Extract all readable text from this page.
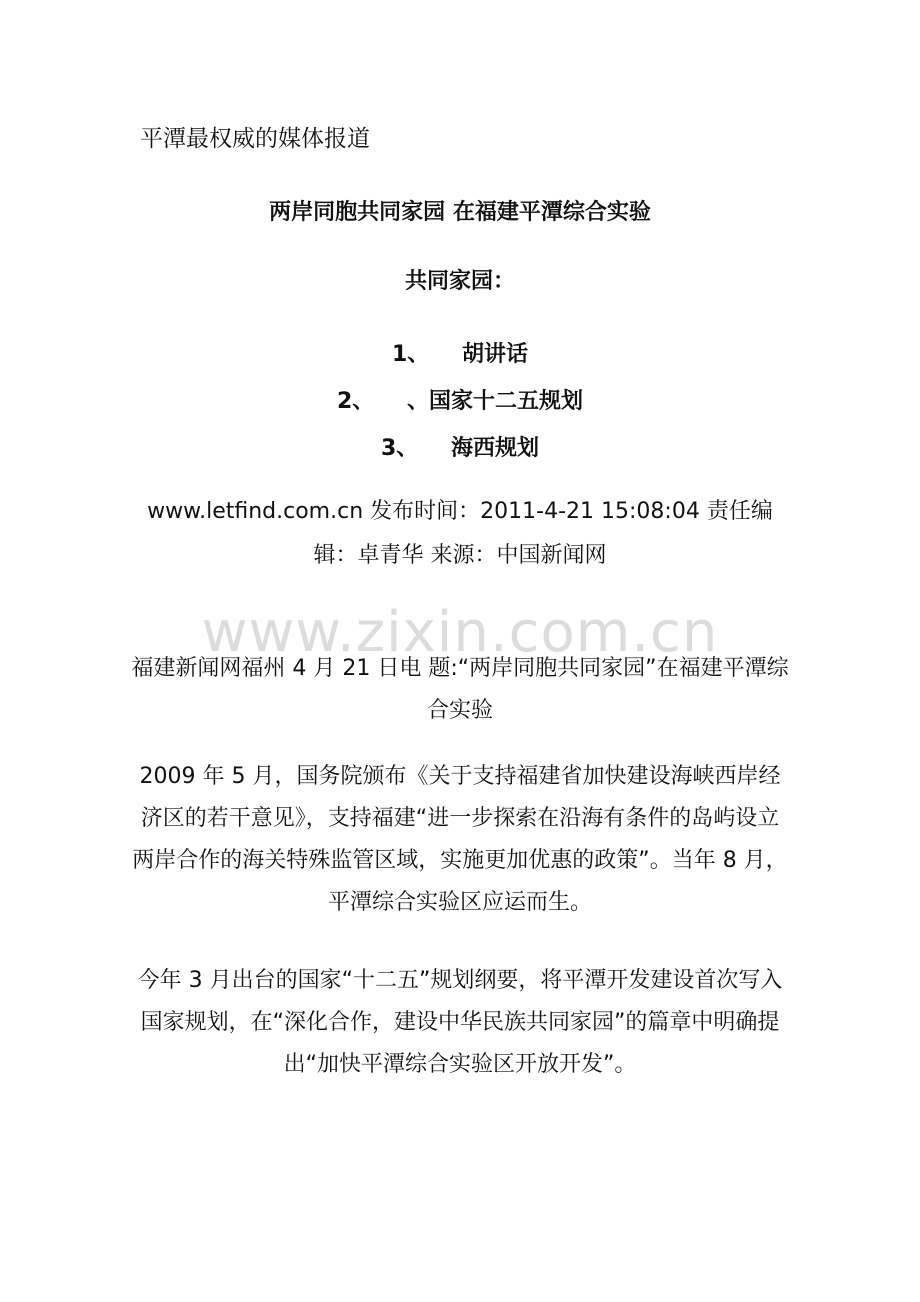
平潭最权威的媒体报道
两岸同胞共同家园 在福建平潭综合实验
共同家园：
1、 胡讲话
2、 、国家十二五规划
3、 海西规划
www.letfind.com.cn 发布时间：2011-4-21 15:08:04 责任编辑：卓青华 来源：中国新闻网
www.zixin.com.cn
福建新闻网福州 4 月 21 日电 题:“两岸同胞共同家园”在福建平潭综合实验
2009 年 5 月，国务院颁布《关于支持福建省加快建设海峡西岸经济区的若干意见》，支持福建“进一步探索在沿海有条件的岛屿设立两岸合作的海关特殊监管区域，实施更加优惠的政策”。当年 8 月，平潭综合实验区应运而生。
今年 3 月出台的国家“十二五”规划纲要，将平潭开发建设首次写入国家规划，在“深化合作，建设中华民族共同家园”的篇章中明确提出“加快平潭综合实验区开放开发”。
